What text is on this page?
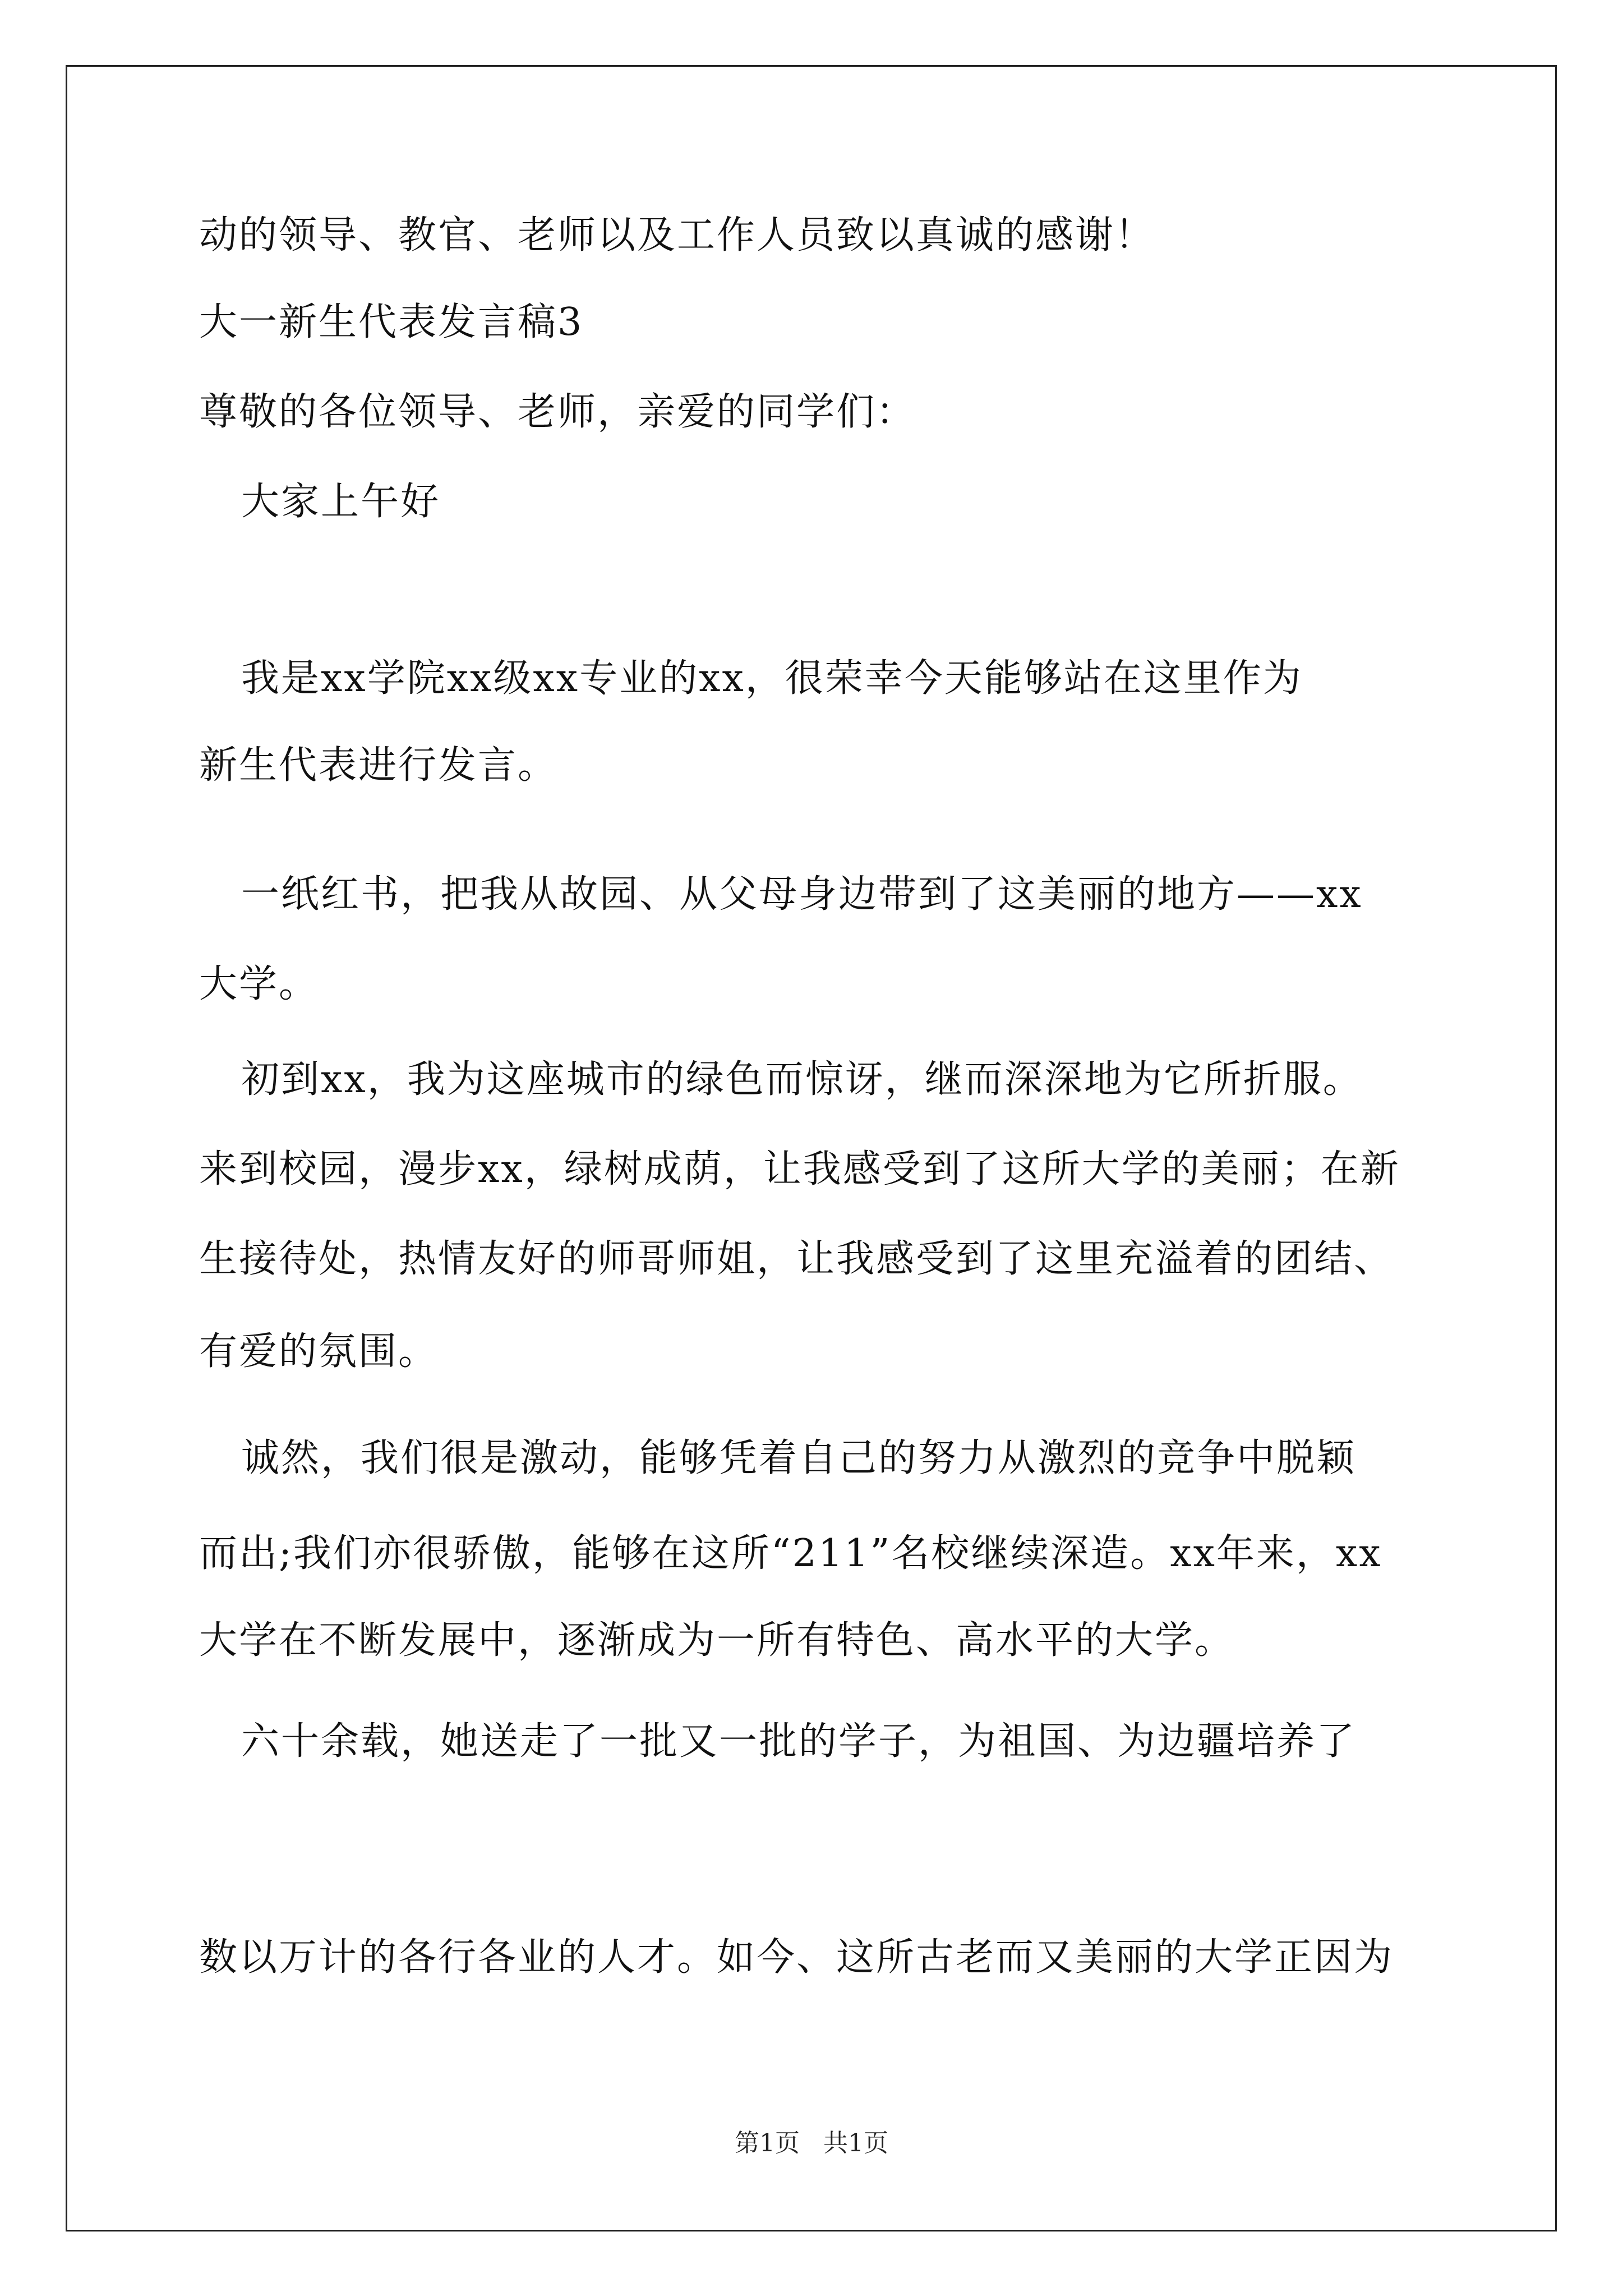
动的领导、教官、老师以及工作人员致以真诚的感谢！
大一新生代表发言稿3
尊敬的各位领导、老师，亲爱的同学们：
大家上午好
我是xx学院xx级xx专业的xx，很荣幸今天能够站在这里作为
新生代表进行发言。
一纸红书，把我从故园、从父母身边带到了这美丽的地方——xx
大学。
初到xx，我为这座城市的绿色而惊讶，继而深深地为它所折服。
来到校园，漫步xx，绿树成荫，让我感受到了这所大学的美丽；在新
生接待处，热情友好的师哥师姐，让我感受到了这里充溢着的团结、
有爱的氛围。
诚然，我们很是激动，能够凭着自己的努力从激烈的竞争中脱颖
而出;我们亦很骄傲，能够在这所“211”名校继续深造。xx年来，xx
大学在不断发展中，逐渐成为一所有特色、高水平的大学。
六十余载，她送走了一批又一批的学子，为祖国、为边疆培养了
数以万计的各行各业的人才。如今、这所古老而又美丽的大学正因为
第1页   共1页
